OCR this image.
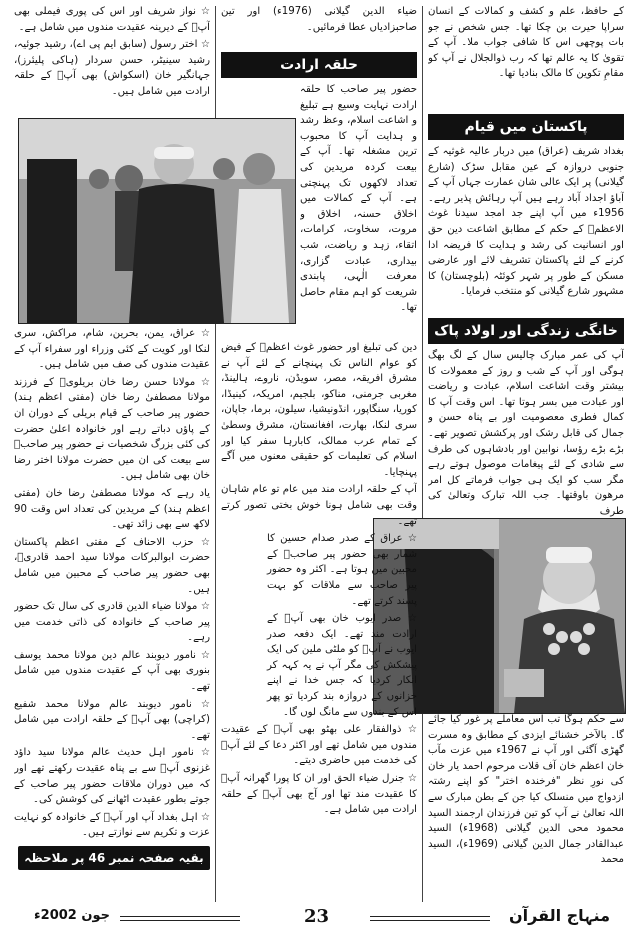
کے حافظ، علم و کشف و کمالات کے انسان سراپا حیرت بن چکا تھا۔ جس شخص نے جو بات پوچھی اس کا شافی جواب ملا۔ آپ کے تقویٰ کا یہ عالم تھا کہ رب ذوالجلال نے آپ کو مقامِ تکوین کا مالک بنادیا تھا۔

پاکستان میں قیام

بغداد شریف (عراق) میں دربار عالیہ غوثیہ کے جنوبی دروازہ کے عین مقابل سڑک (شارع گیلانی) پر ایک عالی شان عمارت جہاں آپ کے آباؤ اجداد آباد رہے ہیں آپ رہائش پذیر رہے۔ 1956ء میں آپ اپنے جد امجد سیدنا غوث الاعظمؒ کے حکم کے مطابق اشاعت دین حق اور انسانیت کی رشد و ہدایت کا فریضہ ادا کرنے کے لئے پاکستان تشریف لائے اور عارضی مسکن کے طور پر شہر کوئٹہ (بلوچستان) کا مشہور شارع گیلانی کو منتخب فرمایا۔

خانگی زندگی اور اولاد پاک

آپ کی عمر مبارک چالیس سال کے لگ بھگ ہوگی اور آپ کے شب و روز کے معمولات کا بیشتر وقت اشاعت اسلام، عبادت و ریاضت اور عبادت میں بسر ہوتا تھا۔ اس وقت آپ کا کمال فطری معصومیت اور بے پناہ حسن و جمال کی قابل رشک اور پرکشش تصویر تھے۔ بڑے بڑے رؤسا، نوابین اور بادشاہوں کی طرف سے شادی کے لئے پیغامات موصول ہوتے رہے مگر سب کو ایک ہی جواب فرماتے کل امر مرھون باوقتھا۔ جب اللہ تبارک وتعالیٰ کی طرف

سے حکم ہوگا تب اس معاملے پر غور کیا جائے گا۔ بالآخر خشنائے ایزدی کے مطابق وہ مسرت گھڑی آگئی اور آپ نے 1967ء میں عزت مآب خان اعظم خان آف قلات مرحوم احمد یار خان کی نورِ نظر "فرخندہ اختر" کو اپنے رشتہ ازدواج میں منسلک کیا جن کے بطن مبارک سے اللہ تعالیٰ نے آپ کو تین فرزندان ارجمند السید محمود محی الدین گیلانی (1968ء) السید عبدالقادر جمال الدین گیلانی (1969ء)، السید محمد

ضیاء الدین گیلانی (1976ء) اور تین صاحبزادیاں عطا فرمائیں۔

حلقہ ارادت

حضور پیر صاحب کا حلقہ ارادت نہایت وسیع ہے تبلیغ و اشاعت اسلام، وعظ رشد و ہدایت آپ کا محبوب ترین مشغلہ تھا۔ آپ کے بیعت کردہ مریدین کی تعداد لاکھوں تک پہنچتی ہے۔ آپ کے کمالات میں اخلاق حسنہ، اخلاق و مروت، سخاوت، کرامات، اتقاء، زہد و ریاضت، شب بیداری، عبادت گزاری، معرفت الٰہی، پابندی شریعت کو اہم مقام حاصل تھا۔

دین کی تبلیغ اور حضور غوث اعظمؒ کے فیض کو عوام الناس تک پہنچانے کے لئے آپ نے مشرق افریقہ، مصر، سویڈن، ناروے، ہالینڈ، مغربی جرمنی، مناکو، بلجیم، امریکہ، کینیڈا، کوریا، سنگاپور، انڈونیشیا، سیلون، برما، جاپان، سری لنکا، بھارت، افغانستان، مشرق وسطیٰ کے تمام عرب ممالک، کابارہا سفر کیا اور اسلام کی تعلیمات کو حقیقی معنوں میں آگے پہنچایا۔

آپ کے حلقہ ارادت مند میں عام تو عام شاہان وقت بھی شامل ہونا خوش بختی تصور کرتے تھے۔

☆ عراق کے صدر صدام حسین کا شمار بھی حضور پیر صاحبؒ کے محبین میں ہوتا ہے۔ اکثر وہ حضور پیر صاحب سے ملاقات کو بہت پسند کرتے تھے۔

☆ صدر ایوب خان بھی آپؒ کے ارادت مند تھے۔ ایک دفعہ صدر ایوب نے آپؒ کو ملٹی ملین کی ایک پیشکش کی مگر آپ نے یہ کہہ کر انکار کردیا کہ جس خدا نے اپنے خزانوں کے دروازہ بند کردیا تو پھر اس کے بندوں سے مانگ لوں گا۔

☆ ذوالفقار علی بھٹو بھی آپؒ کے عقیدت مندوں میں شامل تھے اور اکثر دعا کے لئے آپؒ کی خدمت میں حاضری دیتے۔

☆ جنرل ضیاء الحق اور ان کا پورا گھرانہ آپؒ کا عقیدت مند تھا اور آج بھی آپؒ کے حلقہ ارادت میں شامل ہے۔

☆ نواز شریف اور اس کی پوری فیملی بھی آپؒ کے دیرینہ عقیدت مندوں میں شامل ہے۔

☆ اختر رسول (سابق ایم پی اے)، رشید جوئیہ، رشید سینیٹر، حسن سردار (ہاکی پلیئرز)، جہانگیر خان (اسکواش) بھی آپؒ کے حلقہ ارادت میں شامل ہیں۔

☆ عراق، یمن، بحرین، شام، مراکش، سری لنکا اور کویت کے کئی وزراء اور سفراء آپ کے عقیدت مندوں کی صف میں شامل ہیں۔

☆ مولانا حسن رضا خان بریلویؒ کے فرزند مولانا مصطفیٰ رضا خان (مفتی اعظم ہند) حضور پیر صاحب کے قیام بریلی کے دوران ان کے پاؤں دباتے رہے اور خانوادہ اعلیٰ حضرت کی کئی بزرگ شخصیات نے حضور پیر صاحبؒ سے بیعت کی ان میں حضرت مولانا اختر رضا خان بھی شامل ہیں۔

یاد رہے کہ مولانا مصطفیٰ رضا خان (مفتی اعظم ہند) کے مریدین کی تعداد اس وقت 90 لاکھ سے بھی زائد تھی۔

☆ حزب الاحناف کے مفتی اعظم پاکستان حضرت ابوالبرکات مولانا سید احمد قادریؒ، بھی حضور پیر صاحب کے محبین میں شامل ہیں۔

☆ مولانا ضیاء الدین قادری کی سال تک حضور پیر صاحب کے خانوادہ کی ذاتی خدمت میں رہے۔

☆ نامور دیوبند عالم دین مولانا محمد یوسف بنوری بھی آپ کے عقیدت مندوں میں شامل تھے۔

☆ نامور دیوبند عالم مولانا محمد شفیع (کراچی) بھی آپؒ کے حلقہ ارادت میں شامل تھے۔

☆ نامور اہل حدیث عالم مولانا سید داؤد غزنوی آپؒ سے بے پناہ عقیدت رکھتے تھے اور کہ میں دوران ملاقات حضور پیر صاحب کے جوتے بطور عقیدت اٹھانے کی کوشش کی۔

☆ اہل بغداد آپ اور آپؒ کے خانوادہ کو نہایت عزت و تکریم سے نوازتے ہیں۔

بقیہ صفحہ نمبر 46 پر ملاحظہ فرمائیں
جون 2002ء	23	منہاج القرآن
